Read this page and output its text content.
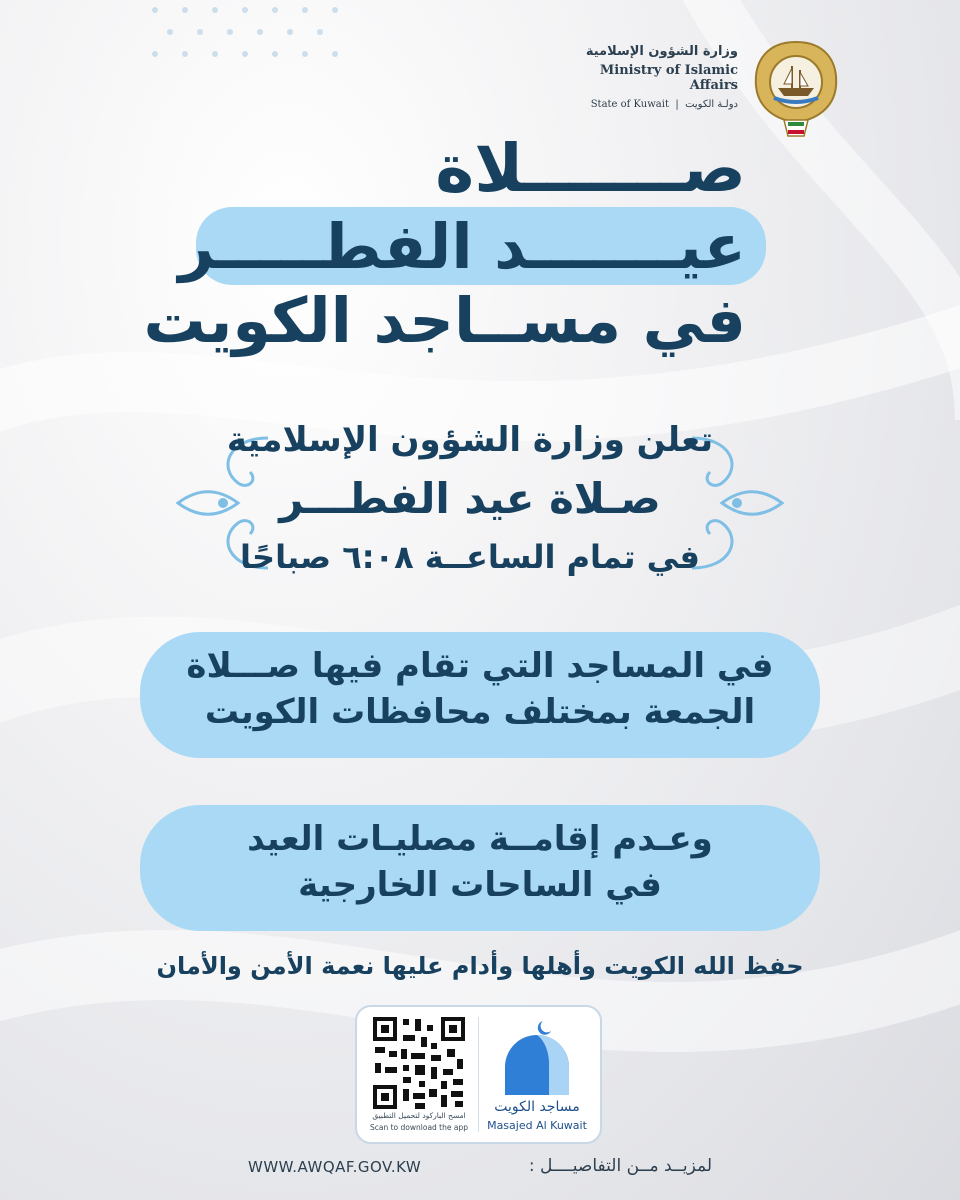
وزارة الشؤون الإسلامية
Ministry of Islamic Affairs
State of Kuwait  |  دولـة الكويت
صـــــــلاة
عيـــــــد الفطـــــر
في مســاجد الكويت
تعلن وزارة الشؤون الإسلامية
صـلاة عيد الفطـــر
في تمام الساعــة ٦:٠٨ صباحًا
في المساجد التي تقام فيها صـــلاة
الجمعة بمختلف محافظات الكويت
وعـدم إقامــة مصليـات العيد
في الساحات الخارجية
حفظ الله الكويت وأهلها وأدام عليها نعمة الأمن والأمان
امسح الباركود لتحميل التطبيق
Scan to download the app
مساجد الكويت
Masajed Al Kuwait
WWW.AWQAF.GOV.KW	لمزيــد مــن التفاصيــــل :
